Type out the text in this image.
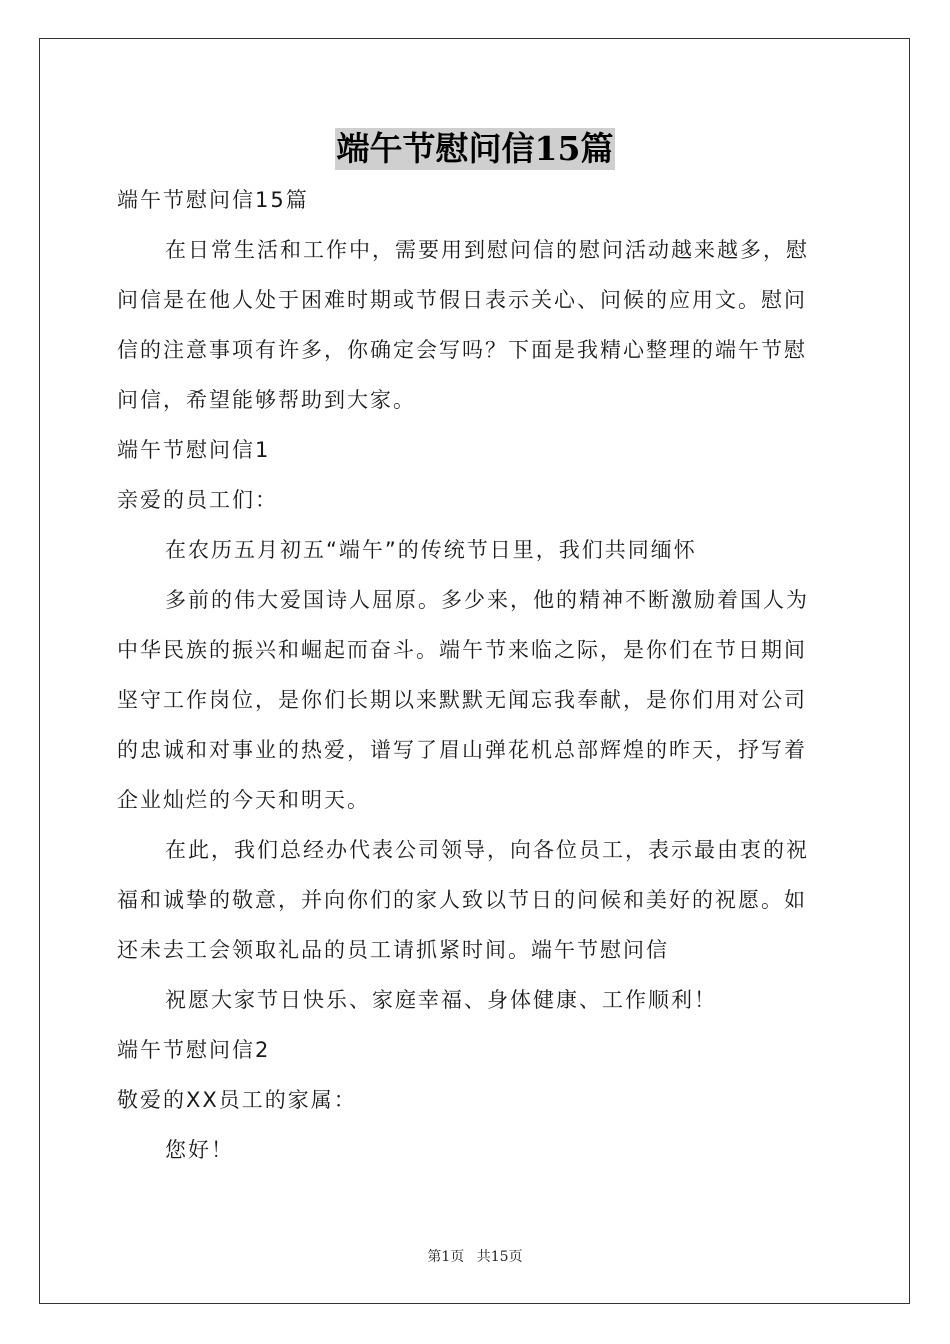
端午节慰问信15篇
端午节慰问信15篇
在日常生活和工作中，需要用到慰问信的慰问活动越来越多，慰
问信是在他人处于困难时期或节假日表示关心、问候的应用文。慰问
信的注意事项有许多，你确定会写吗？下面是我精心整理的端午节慰
问信，希望能够帮助到大家。
端午节慰问信1
亲爱的员工们：
在农历五月初五“端午”的传统节日里，我们共同缅怀
多前的伟大爱国诗人屈原。多少来，他的精神不断激励着国人为
中华民族的振兴和崛起而奋斗。端午节来临之际，是你们在节日期间
坚守工作岗位，是你们长期以来默默无闻忘我奉献，是你们用对公司
的忠诚和对事业的热爱，谱写了眉山弹花机总部辉煌的昨天，抒写着
企业灿烂的今天和明天。
在此，我们总经办代表公司领导，向各位员工，表示最由衷的祝
福和诚挚的敬意，并向你们的家人致以节日的问候和美好的祝愿。如
还未去工会领取礼品的员工请抓紧时间。端午节慰问信
祝愿大家节日快乐、家庭幸福、身体健康、工作顺利！
端午节慰问信2
敬爱的XX员工的家属：
您好！
第1页 共15页
